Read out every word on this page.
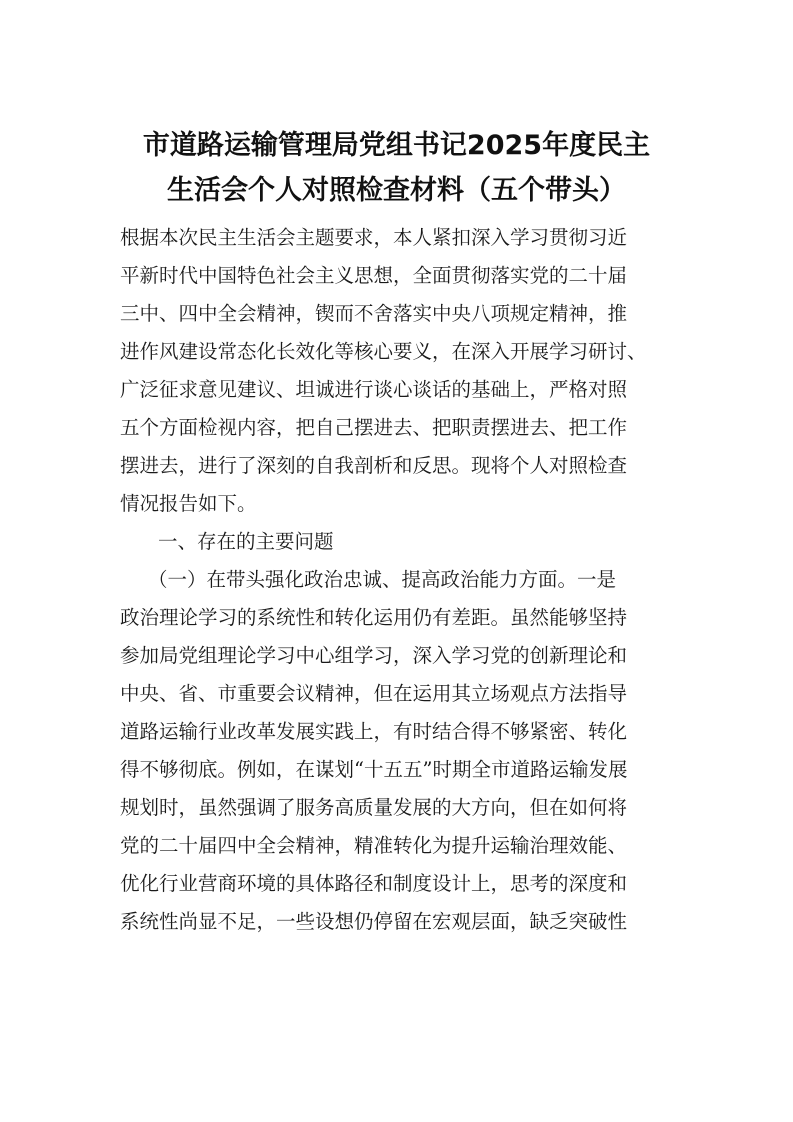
市道路运输管理局党组书记2025年度民主
生活会个人对照检查材料（五个带头）
根据本次民主生活会主题要求，本人紧扣深入学习贯彻习近
平新时代中国特色社会主义思想，全面贯彻落实党的二十届
三中、四中全会精神，锲而不舍落实中央八项规定精神，推
进作风建设常态化长效化等核心要义，在深入开展学习研讨、
广泛征求意见建议、坦诚进行谈心谈话的基础上，严格对照
五个方面检视内容，把自己摆进去、把职责摆进去、把工作
摆进去，进行了深刻的自我剖析和反思。现将个人对照检查
情况报告如下。
一、存在的主要问题
（一）在带头强化政治忠诚、提高政治能力方面。一是
政治理论学习的系统性和转化运用仍有差距。虽然能够坚持
参加局党组理论学习中心组学习，深入学习党的创新理论和
中央、省、市重要会议精神，但在运用其立场观点方法指导
道路运输行业改革发展实践上，有时结合得不够紧密、转化
得不够彻底。例如，在谋划“十五五”时期全市道路运输发展
规划时，虽然强调了服务高质量发展的大方向，但在如何将
党的二十届四中全会精神，精准转化为提升运输治理效能、
优化行业营商环境的具体路径和制度设计上，思考的深度和
系统性尚显不足，一些设想仍停留在宏观层面，缺乏突破性
